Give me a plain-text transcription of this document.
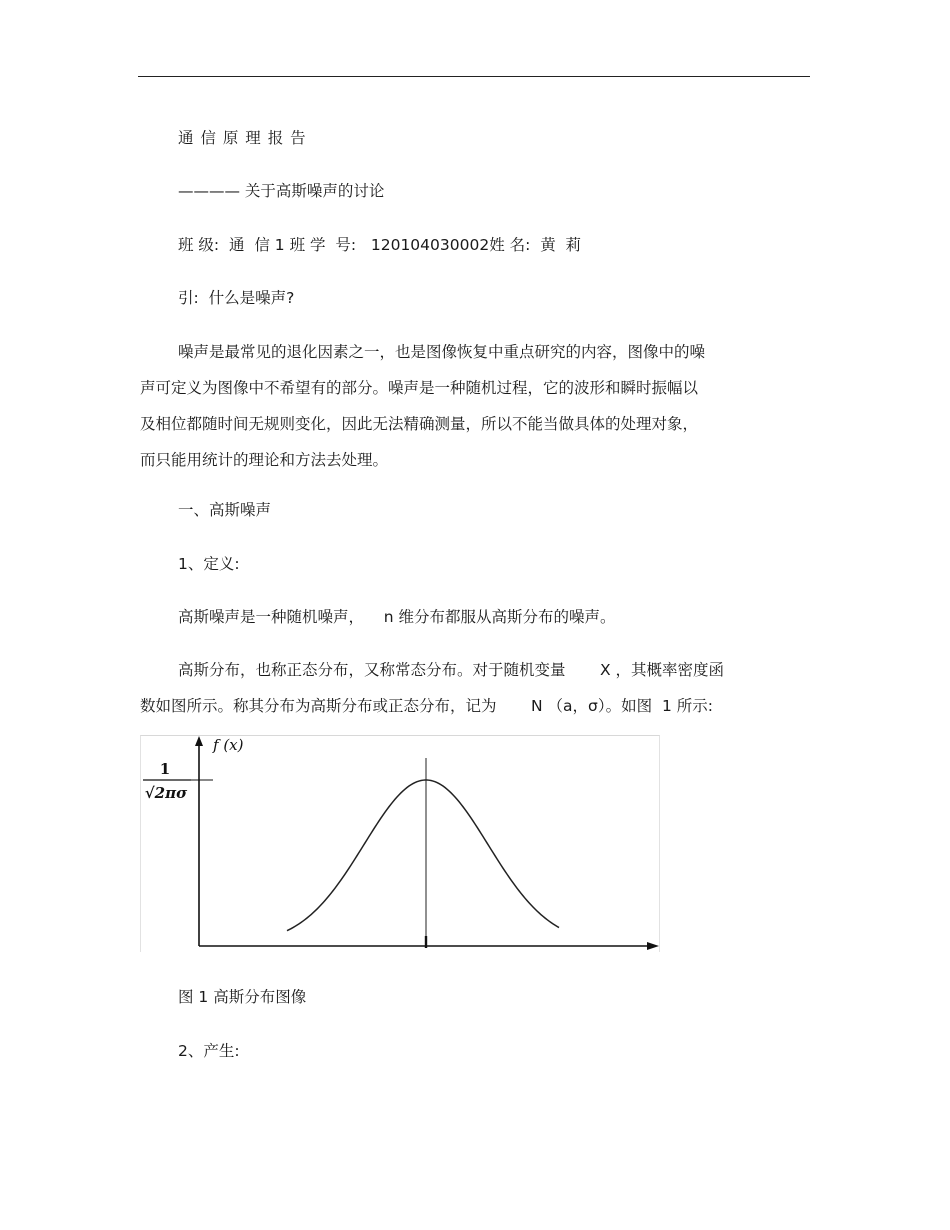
通 信 原 理 报 告
———— 关于高斯噪声的讨论
班 级:  通  信 1 班 学  号:   120104030002姓 名:  黄  莉
引:  什么是噪声?
噪声是最常见的退化因素之一，也是图像恢复中重点研究的内容，图像中的噪
声可定义为图像中不希望有的部分。噪声是一种随机过程，它的波形和瞬时振幅以
及相位都随时间无规则变化，因此无法精确测量，所以不能当做具体的处理对象，
而只能用统计的理论和方法去处理。
一、高斯噪声
1、定义:
高斯噪声是一种随机噪声，    n 维分布都服从高斯分布的噪声。
高斯分布，也称正态分布，又称常态分布。对于随机变量       X ，其概率密度函
数如图所示。称其分布为高斯分布或正态分布，记为       N （a，σ）。如图  1 所示:
f (x)
1
√2πσ
图 1 高斯分布图像
2、产生:
